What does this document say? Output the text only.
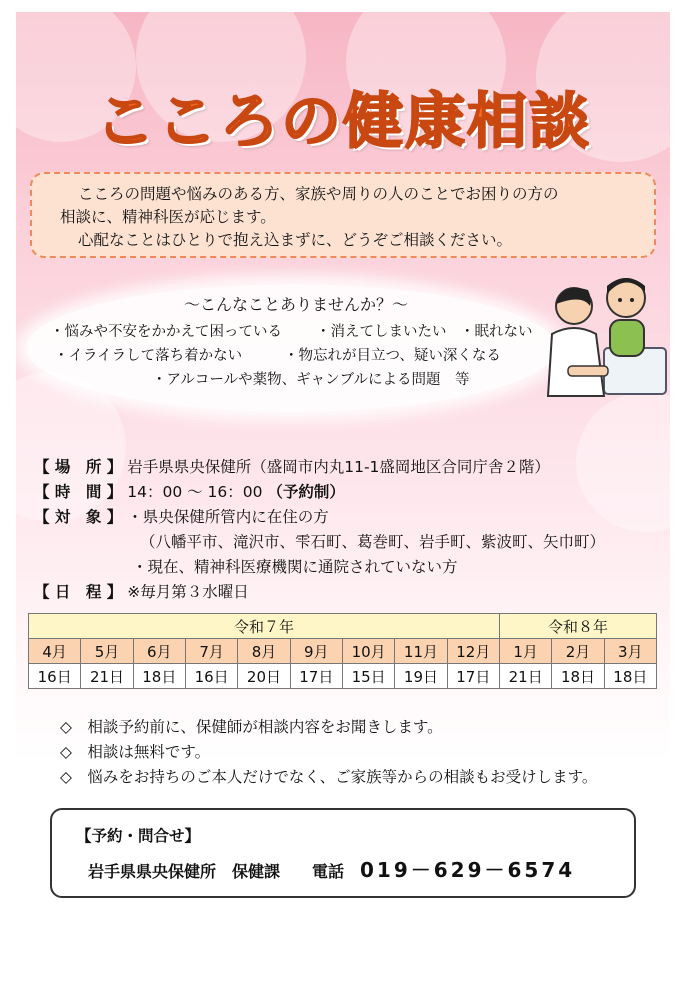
こころの健康相談

こころの問題や悩みのある方、家族や周りの人のことでお困りの方の

相談に、精神科医が応じます。

心配なことはひとりで抱え込まずに、どうぞご相談ください。

～こんなことありませんか？～
・悩みや不安をかかえて困っている ・消えてしまいたい ・眠れない
・イライラして落ち着かない	・物忘れが目立つ、疑い深くなる
・アルコールや薬物、ギャンブルによる問題　等
【 場　所 】 岩手県県央保健所（盛岡市内丸11-1盛岡地区合同庁舎２階）
【 時　間 】 14：00 ～ 16：00 （予約制）
【 対　象 】 ・県央保健所管内に在住の方
（八幡平市、滝沢市、雫石町、葛巻町、岩手町、紫波町、矢巾町）
・現在、精神科医療機関に通院されていない方
【 日　程 】 ※毎月第３水曜日
令和７年									令和８年		
4月	5月	6月	7月	8月	9月	10月	11月	12月	1月	2月	3月
16日	21日	18日	16日	20日	17日	15日	19日	17日	21日	18日	18日
◇　相談予約前に、保健師が相談内容をお聞きします。
◇　相談は無料です。
◇　悩みをお持ちのご本人だけでなく、ご家族等からの相談もお受けします。
【予約・問合せ】
岩手県県央保健所　保健課　　電話 019－629－6574
